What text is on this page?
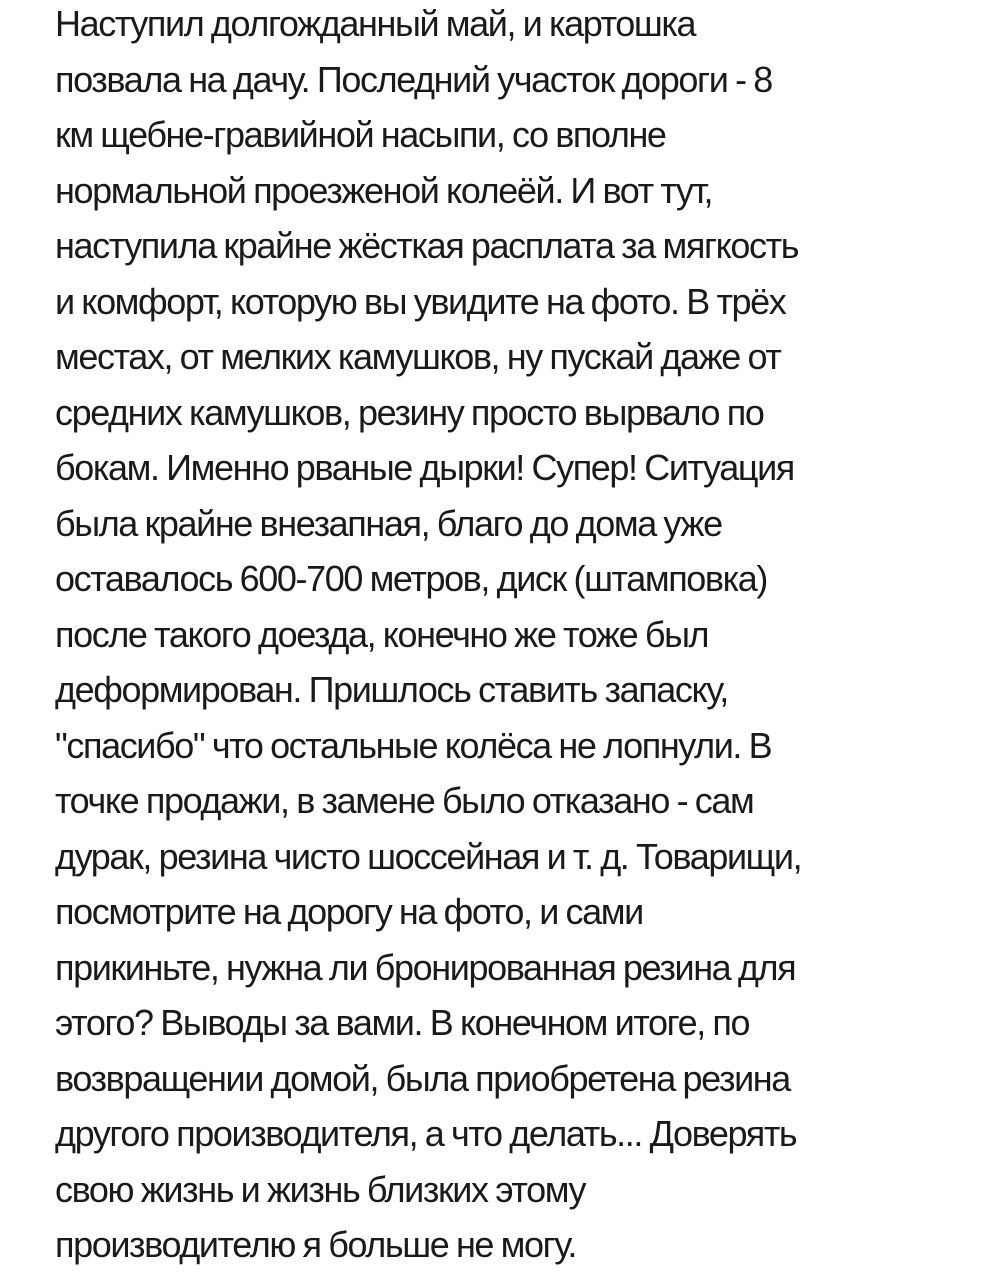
Наступил долгожданный май, и картошка
позвала на дачу. Последний участок дороги - 8
км щебне-гравийной насыпи, со вполне
нормальной проезженой колеёй. И вот тут,
наступила крайне жёсткая расплата за мягкость
и комфорт, которую вы увидите на фото. В трёх
местах, от мелких камушков, ну пускай даже от
средних камушков, резину просто вырвало по
бокам. Именно рваные дырки! Супер! Ситуация
была крайне внезапная, благо до дома уже
оставалось 600-700 метров, диск (штамповка)
после такого доезда, конечно же тоже был
деформирован. Пришлось ставить запаску,
"спасибо" что остальные колёса не лопнули. В
точке продажи, в замене было отказано - сам
дурак, резина чисто шоссейная и т. д. Товарищи,
посмотрите на дорогу на фото, и сами
прикиньте, нужна ли бронированная резина для
этого? Выводы за вами. В конечном итоге, по
возвращении домой, была приобретена резина
другого производителя, а что делать... Доверять
свою жизнь и жизнь близких этому
производителю я больше не могу.
